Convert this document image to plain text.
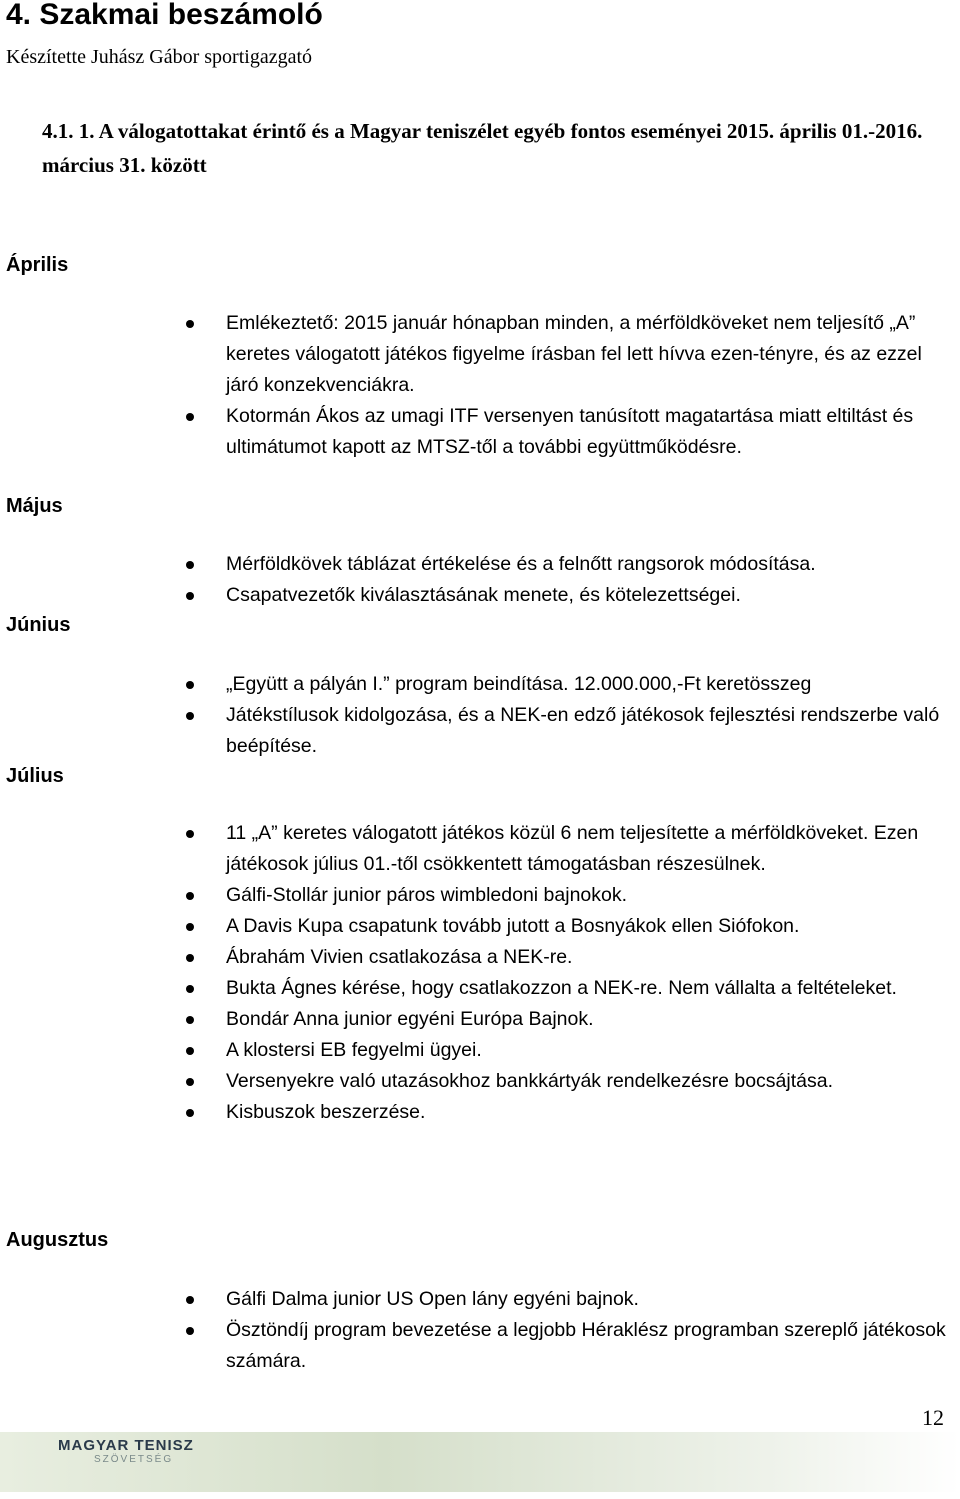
4. Szakmai beszámoló
Készítette Juhász Gábor sportigazgató
4.1. 1. A válogatottakat érintő és a Magyar teniszélet egyéb fontos eseményei 2015. április 01.-2016. március 31. között
Április
Emlékeztető: 2015 január hónapban minden, a mérföldköveket nem teljesítő „A” keretes válogatott játékos figyelme írásban fel lett hívva ezen-tényre, és az ezzel járó konzekvenciákra.
Kotormán Ákos az umagi ITF versenyen tanúsított magatartása miatt eltiltást és ultimátumot kapott az MTSZ-től a további együttműködésre.
Május
Mérföldkövek táblázat értékelése és a felnőtt rangsorok módosítása.
Csapatvezetők kiválasztásának menete, és kötelezettségei.
Június
„Együtt a pályán I.” program beindítása. 12.000.000,-Ft keretösszeg
Játékstílusok kidolgozása, és a NEK-en edző játékosok fejlesztési rendszerbe való beépítése.
Július
11 „A” keretes válogatott játékos közül 6 nem teljesítette a mérföldköveket. Ezen játékosok július 01.-től csökkentett támogatásban részesülnek.
Gálfi-Stollár junior páros wimbledoni bajnokok.
A Davis Kupa csapatunk tovább jutott a Bosnyákok ellen Siófokon.
Ábrahám Vivien csatlakozása a NEK-re.
Bukta Ágnes kérése, hogy csatlakozzon a NEK-re. Nem vállalta a feltételeket.
Bondár Anna junior egyéni Európa Bajnok.
A klostersi EB fegyelmi ügyei.
Versenyekre való utazásokhoz bankkártyák rendelkezésre bocsájtása.
Kisbuszok beszerzése.
Augusztus
Gálfi Dalma junior US Open lány egyéni bajnok.
Ösztöndíj program bevezetése a legjobb Héraklész programban szereplő játékosok számára.
12
MAGYAR TENISZ
SZÖVETSÉG
